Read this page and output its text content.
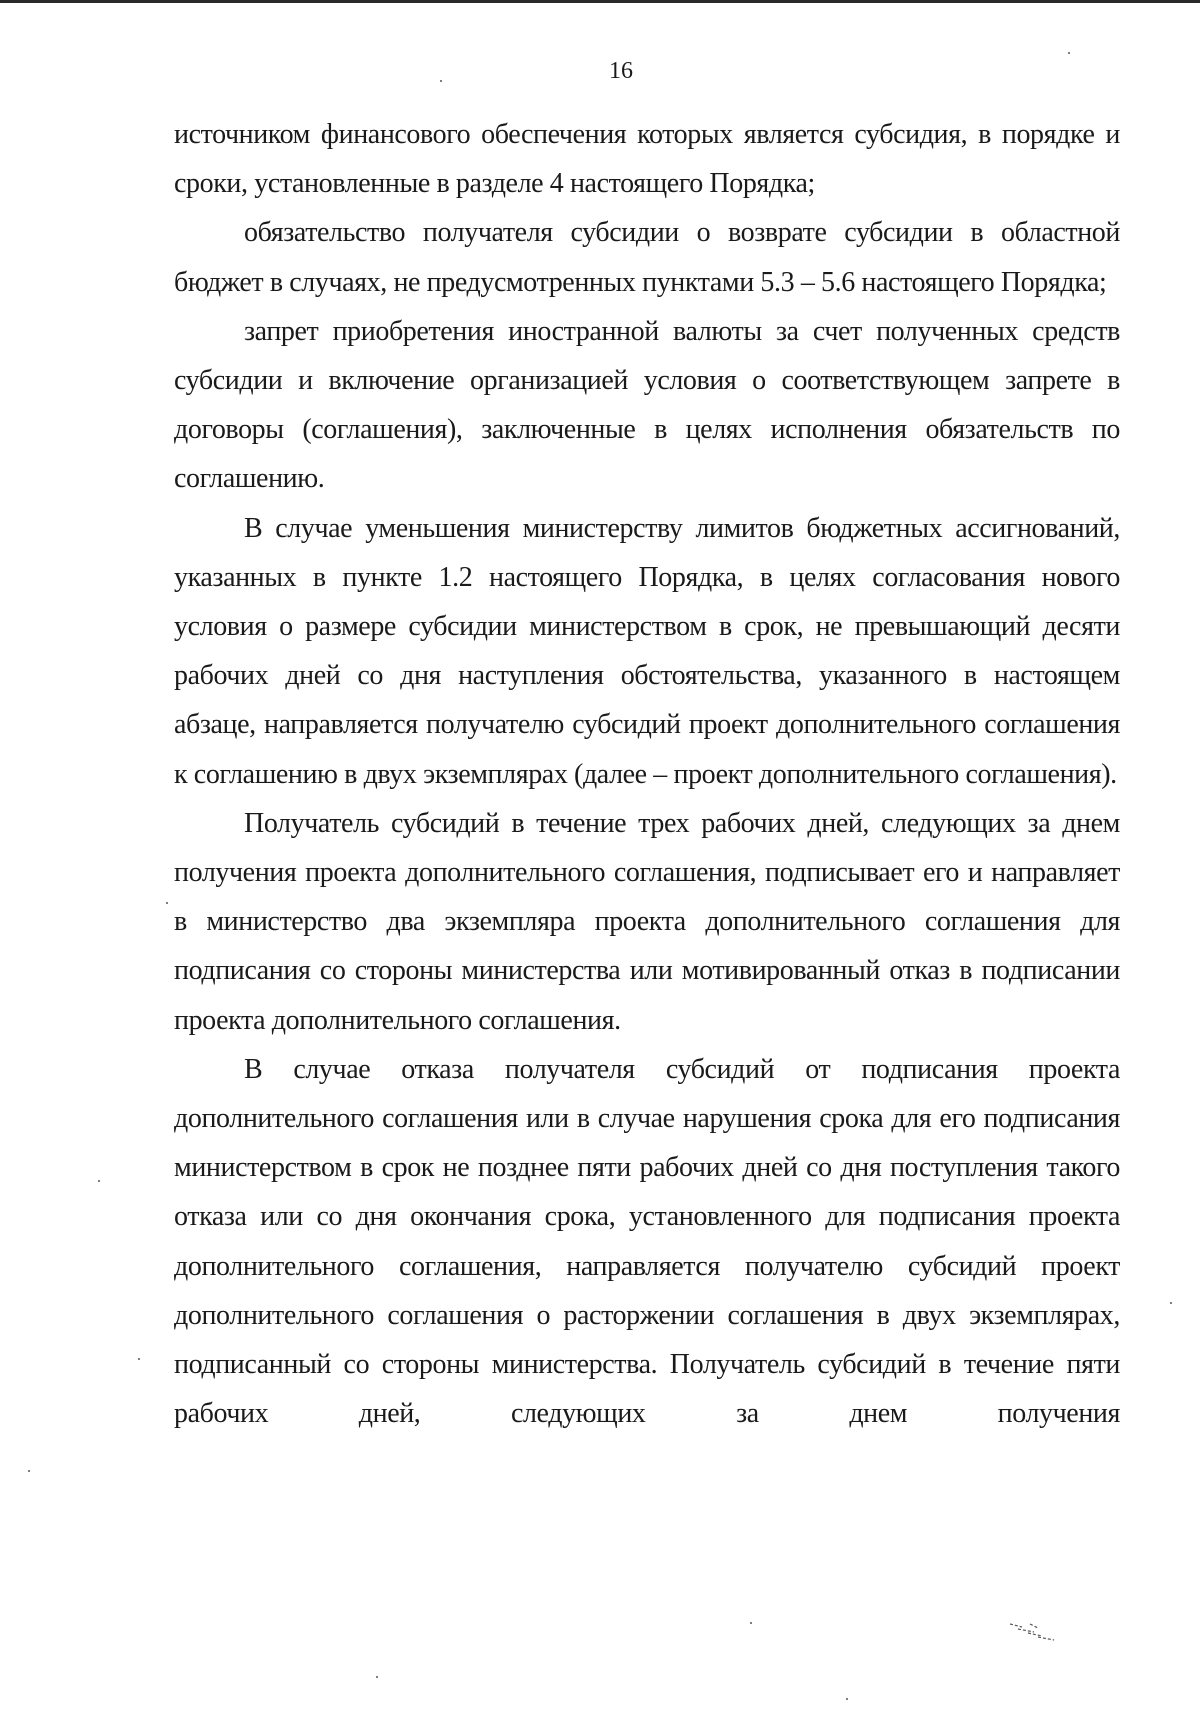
16

источником финансового обеспечения которых является субсидия, в порядке и сроки, установленные в разделе 4 настоящего Порядка;

обязательство получателя субсидии о возврате субсидии в областной бюджет в случаях, не предусмотренных пунктами 5.3 – 5.6 настоящего Порядка;

запрет приобретения иностранной валюты за счет полученных средств субсидии и включение организацией условия о соответствующем запрете в договоры (соглашения), заключенные в целях исполнения обязательств по соглашению.

В случае уменьшения министерству лимитов бюджетных ассигнований, указанных в пункте 1.2 настоящего Порядка, в целях согласования нового условия о размере субсидии министерством в срок, не превышающий десяти рабочих дней со дня наступления обстоятельства, указанного в настоящем абзаце, направляется получателю субсидий проект дополнительного соглашения к соглашению в двух экземплярах (далее – проект дополнительного соглашения).

Получатель субсидий в течение трех рабочих дней, следующих за днем получения проекта дополнительного соглашения, подписывает его и направляет в министерство два экземпляра проекта дополнительного соглашения для подписания со стороны министерства или мотивированный отказ в подписании проекта дополнительного соглашения.

В случае отказа получателя субсидий от подписания проекта дополнительного соглашения или в случае нарушения срока для его подписания министерством в срок не позднее пяти рабочих дней со дня поступления такого отказа или со дня окончания срока, установленного для подписания проекта дополнительного соглашения, направляется получателю субсидий проект дополнительного соглашения о расторжении соглашения в двух экземплярах, подписанный со стороны министерства. Получатель субсидий в течение пяти рабочих дней, следующих за днем получения
